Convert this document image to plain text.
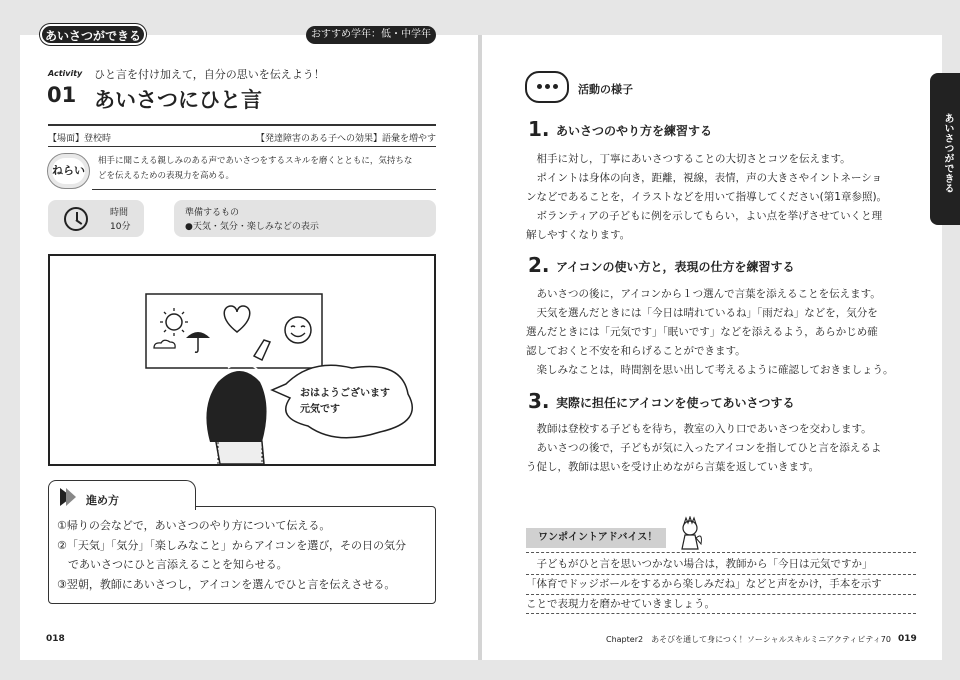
あいさつができる	おすすめ学年：低・中学年
Activity
01
ひと言を付け加えて，自分の思いを伝えよう！
あいさつにひと言
【場面】登校時	【発達障害のある子への効果】語彙を増やす
ねらい
相手に聞こえる親しみのある声であいさつをするスキルを磨くとともに，気持ちな
どを伝えるための表現力を高める。
時間
10分
準備するもの
●天気・気分・楽しみなどの表示
おはようございます
元気です
進め方
①帰りの会などで，あいさつのやり方について伝える。
②「天気」「気分」「楽しみなこと」からアイコンを選び，その日の気分
　であいさつにひと言添えることを知らせる。
③翌朝，教師にあいさつし，アイコンを選んでひと言を伝えさせる。
018
活動の様子
あいさつができる
1. あいさつのやり方を練習する
　相手に対し，丁寧にあいさつすることの大切さとコツを伝えます。
　ポイントは身体の向き，距離，視線，表情，声の大きさやイントネーショ
ンなどであることを，イラストなどを用いて指導してください(第1章参照)。
　ボランティアの子どもに例を示してもらい，よい点を挙げさせていくと理
解しやすくなります。
2. アイコンの使い方と，表現の仕方を練習する
　あいさつの後に，アイコンから１つ選んで言葉を添えることを伝えます。
　天気を選んだときには「今日は晴れているね」「雨だね」などを，気分を
選んだときには「元気です」「眠いです」などを添えるよう，あらかじめ確
認しておくと不安を和らげることができます。
　楽しみなことは，時間割を思い出して考えるように確認しておきましょう。
3. 実際に担任にアイコンを使ってあいさつする
　教師は登校する子どもを待ち，教室の入り口であいさつを交わします。
　あいさつの後で，子どもが気に入ったアイコンを指してひと言を添えるよ
う促し，教師は思いを受け止めながら言葉を返していきます。
ワンポイントアドバイス！
　子どもがひと言を思いつかない場合は，教師から「今日は元気ですか」
「体育でドッジボールをするから楽しみだね」などと声をかけ，手本を示す
ことで表現力を磨かせていきましょう。
Chapter2　あそびを通して身につく！ソーシャルスキルミニアクティビティ70 019
